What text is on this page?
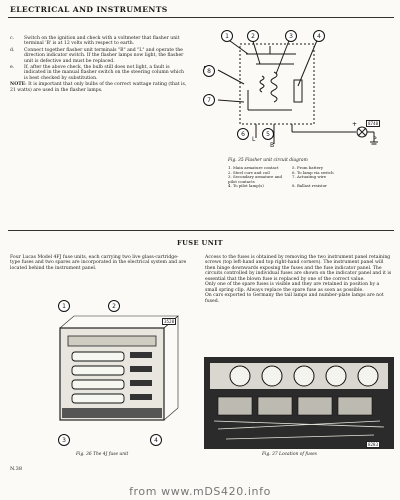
ELECTRICAL AND INSTRUMENTS
c.	Switch on the ignition and check with a voltmeter that flasher unit terminal 'B' is at 12 volts with respect to earth.
d.	Connect together flasher unit terminals "B" and "L" and operate the direction indicator switch. If the flasher lamps now light, the flasher unit is defective and must be replaced.
e.	If, after the above check, the bulb still does not light, a fault is indicated in the manual flasher switch on the steering column which is best checked by substitution.
NOTE: It is important that only bulbs of the correct wattage rating (that is, 21 watts) are used in the flasher lamps.
+
1	2	3	4
8
7
6	5
L
B
P
8740
Fig. 35 Flasher unit circuit diagram
1. Main armature contact	5. From battery
2. Steel core and coil	6. To lamp via switch
3. Secondary armature and pilot contacts
7. Actuating wire
4. To pilot lamp(s)	8. Ballast resistor
FUSE UNIT

Four Lucas Model 4FJ fuse units, each carrying two live glass-cartridge-type fuses and two spares are incorporated in the electrical system and are located behind the instrument panel.

Access to the fuses is obtained by removing the two instrument panel retaining screws (top left-hand and top right-hand corners). The instrument panel will then hinge downwards exposing the fuses and the fuse indicator panel. The circuits controlled by individual fuses are shown on the indicator panel and it is essential that the blown fuse is replaced by one of the correct value.

Only one of the spare fuses is visible and they are retained in position by a small spring clip. Always replace the spare fuse as soon as possible.

On cars exported to Germany the tail lamps and number-plate lamps are not fused.

1	2
3	4
3528
Fig. 36 The 4J fuse unit
8283
Fig. 37 Location of fuses
N.38
from www.mDS420.info
